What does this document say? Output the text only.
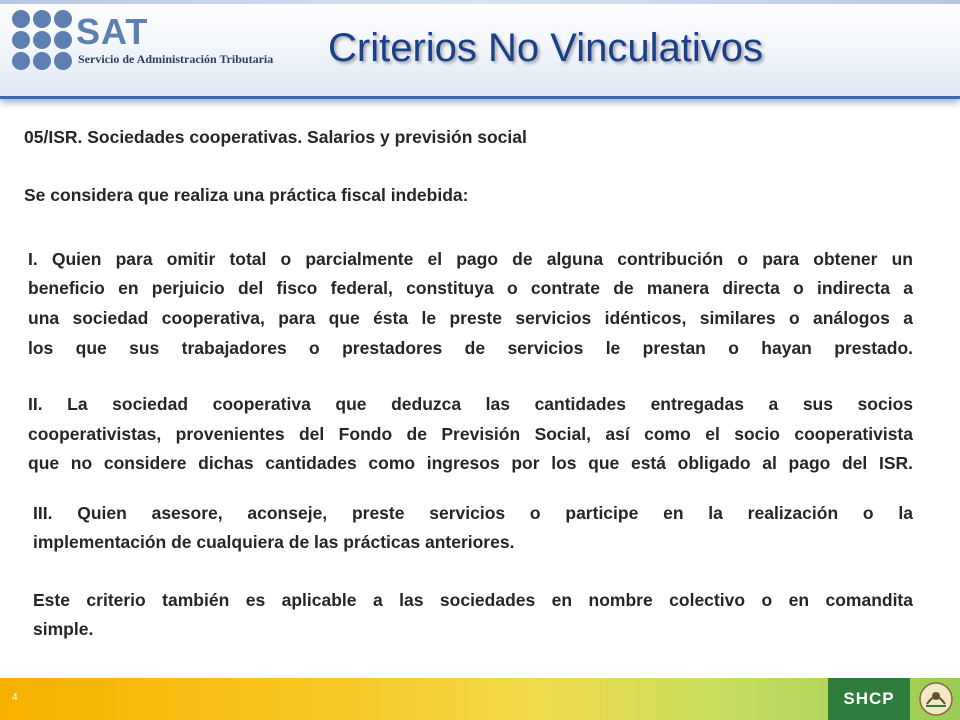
SAT
Servicio de Administración Tributaria Criterios No Vinculativos

05/ISR. Sociedades cooperativas. Salarios y previsión social

Se considera que realiza una práctica fiscal indebida:

I. Quien para omitir total o parcialmente el pago de alguna contribución o para obtener un

beneficio en perjuicio del fisco federal, constituya o contrate de manera directa o indirecta a

una sociedad cooperativa, para que ésta le preste servicios idénticos, similares o análogos a

los que sus trabajadores o prestadores de servicios le prestan o hayan prestado.

II. La sociedad cooperativa que deduzca las cantidades entregadas a sus socios

cooperativistas, provenientes del Fondo de Previsión Social, así como el socio cooperativista

que no considere dichas cantidades como ingresos por los que está obligado al pago del ISR.

III. Quien asesore, aconseje, preste servicios o participe en la realización o la

implementación de cualquiera de las prácticas anteriores.

Este criterio también es aplicable a las sociedades en nombre colectivo o en comandita

simple.

4	SHCP
